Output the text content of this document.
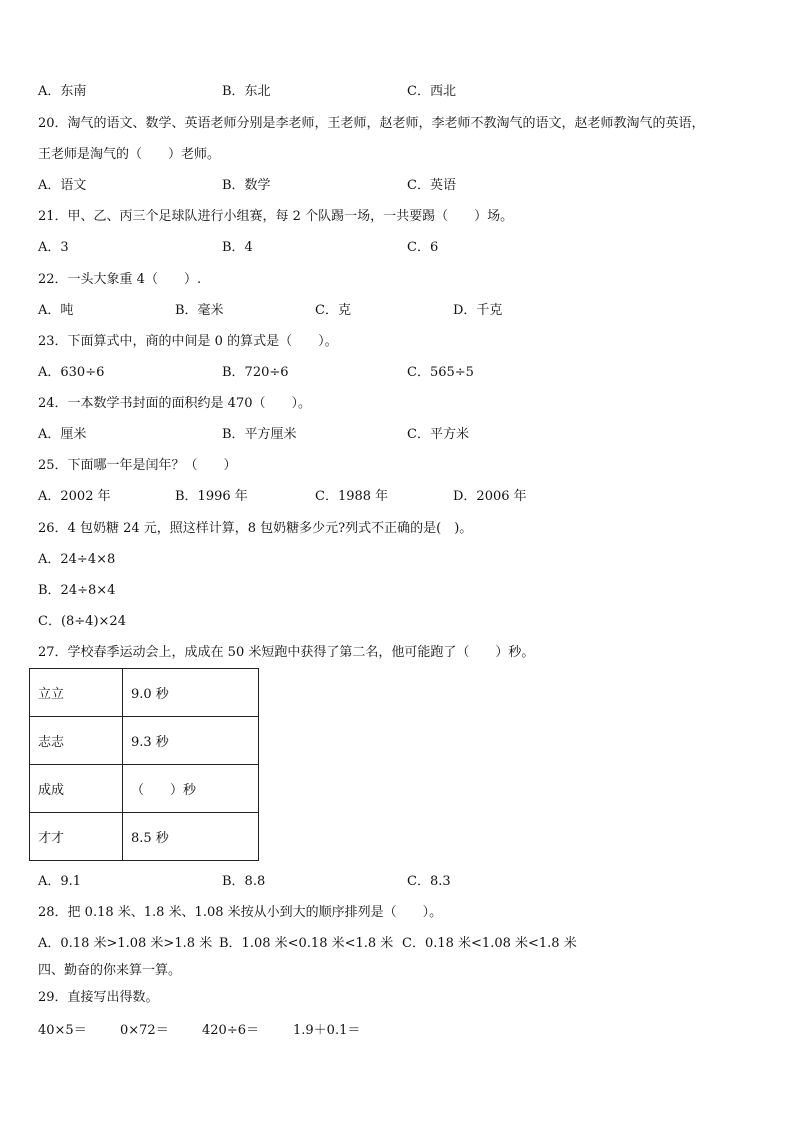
A．东南	B．东北	C．西北
20．淘气的语文、数学、英语老师分别是李老师，王老师，赵老师，李老师不教淘气的语文，赵老师教淘气的英语，
王老师是淘气的（　　）老师。
A．语文	B．数学	C．英语
21．甲、乙、丙三个足球队进行小组赛，每 2 个队踢一场，一共要踢（　　）场。
A．3	B．4	C．6
22．一头大象重 4（　　）.
A．吨	B．毫米	C．克	D．千克
23．下面算式中，商的中间是 0 的算式是（　　）。
A．630÷6	B．720÷6	C．565÷5
24．一本数学书封面的面积约是 470（　　）。
A．厘米	B．平方厘米	C．平方米
25．下面哪一年是闰年？（　　）
A．2002 年	B．1996 年	C．1988 年	D．2006 年
26．4 包奶糖 24 元，照这样计算，8 包奶糖多少元?列式不正确的是(　)。
A．24÷4×8
B．24÷8×4
C．(8÷4)×24
27．学校春季运动会上，成成在 50 米短跑中获得了第二名，他可能跑了（　　）秒。
立立	9.0 秒
志志	9.3 秒
成成	（　　）秒
才才	8.5 秒
A．9.1	B．8.8	C．8.3
28．把 0.18 米、1.8 米、1.08 米按从小到大的顺序排列是（　　）。
A．0.18 米>1.08 米>1.8 米 B．1.08 米<0.18 米<1.8 米 C．0.18 米<1.08 米<1.8 米
四、勤奋的你来算一算。
29．直接写出得数。
40×5＝	0×72＝	420÷6＝	1.9＋0.1＝
